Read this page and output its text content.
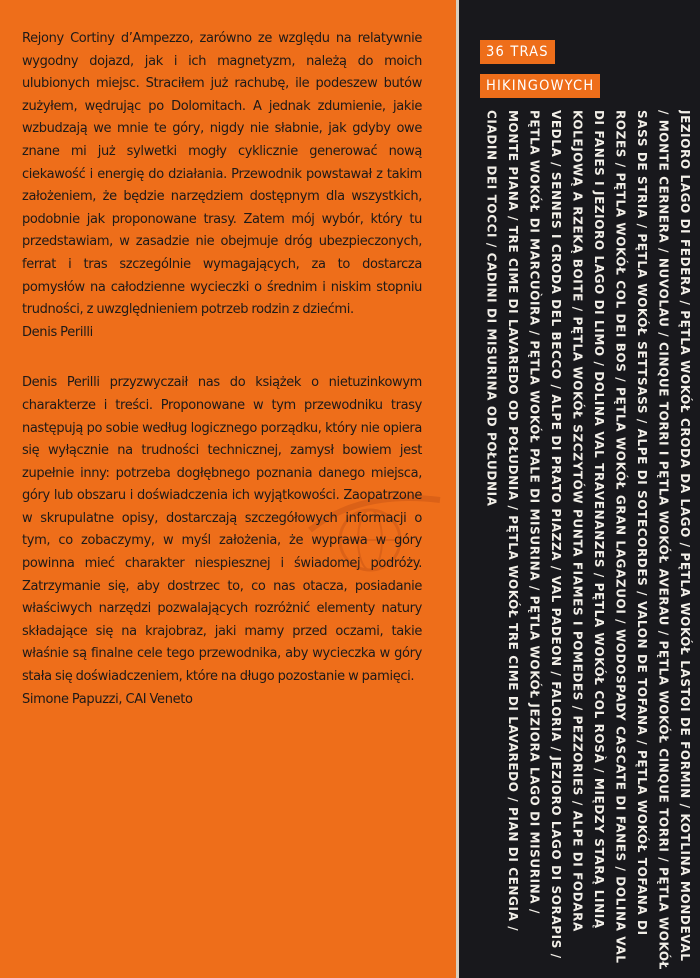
Rejony Cortiny d’Ampezzo, zarówno ze względu na relatywnie wygodny dojazd, jak i ich magnetyzm, należą do moich ulubionych miejsc. Straciłem już rachubę, ile podeszew butów zużyłem, wędrując po Dolomitach. A jednak zdumienie, jakie wzbudzają we mnie te góry, nigdy nie słabnie, jak gdyby owe znane mi już sylwetki mogły cyklicznie generować nową ciekawość i energię do działania. Przewodnik powstawał z takim założeniem, że będzie narzędziem dostępnym dla wszystkich, podobnie jak proponowane trasy. Zatem mój wybór, który tu przedstawiam, w zasadzie nie obejmuje dróg ubezpieczonych, ferrat i tras szczególnie wymagających, za to dostarcza pomysłów na całodzienne wycieczki o średnim i niskim stopniu trudności, z uwzględnieniem potrzeb rodzin z dziećmi.

Denis Perilli

Denis Perilli przyzwyczaił nas do książek o nietuzinkowym charakterze i treści. Proponowane w tym przewodniku trasy następują po sobie według logicznego porządku, który nie opiera się wyłącznie na trudności technicznej, zamysł bowiem jest zupełnie inny: potrzeba dogłębnego poznania danego miejsca, góry lub obszaru i doświadczenia ich wyjątkowości. Zaopatrzone w skrupulatne opisy, dostarczają szczegółowych informacji o tym, co zobaczymy, w myśl założenia, że wyprawa w góry powinna mieć charakter niespiesznej i świadomej podróży. Zatrzymanie się, aby dostrzec to, co nas otacza, posiadanie właściwych narzędzi pozwalających rozróżnić elementy natury składające się na krajobraz, jaki mamy przed oczami, takie właśnie są finalne cele tego przewodnika, aby wycieczka w góry stała się doświadczeniem, które na długo pozostanie w pamięci.

Simone Papuzzi, CAI Veneto

36 TRAS
HIKINGOWYCH
JEZIORO LAGO DI FEDERA / PĘTLA WOKÓŁ CRODA DA LAGO / PĘTLA WOKÓŁ LASTOI DE FORMIN / KOTLINA MONDEVAL / MONTE CERNERA / NUVOLAU / CINQUE TORRI I PĘTLA WOKÓŁ AVERAU / PĘTLA WOKÓŁ CINQUE TORRI / PĘTLA WOKÓŁ SASS DE STRIA / PĘTLA WOKÓŁ SETTSASS / ALPE DI SOTECORDES / VALON DE TOFANA / PĘTLA WOKÓŁ TOFANA DI ROZES / PĘTLA WOKÓŁ COL DEI BOS / PĘTLA WOKÓŁ GRAN LAGAZUOI / WODOSPADY CASCATE DI FANES / DOLINA VAL DI FANES I JEZIORO LAGO DI LIMO / DOLINA VAL TRAVENANZES / PĘTLA WOKÓŁ COL ROSÀ / MIĘDZY STARĄ LINIĄ KOLEJOWĄ A RZEKĄ BOITE / PĘTLA WOKÓŁ SZCZYTÓW PUNTA FIAMES I POMEDES / PEZZORIES / ALPE DI FODARA VEDLA / SENNES I CRODA DEL BECCO / ALPE DI PRATO PIAZZA / VAL PADEON / FALORIA / JEZIORO LAGO DI SORAPIS / PĘTLA WOKÓŁ DI MARCUÒIRA / PĘTLA WOKÓŁ PALE DI MISURINA / PĘTLA WOKÓŁ JEZIORA LAGO DI MISURINA / MONTE PIANA / TRE CIME DI LAVAREDO OD POŁUDNIA / PĘTLA WOKÓŁ TRE CIME DI LAVAREDO / PIAN DI CENGIA / CIADIN DEI TOCCI / CADINI DI MISURINA OD POŁUDNIA
